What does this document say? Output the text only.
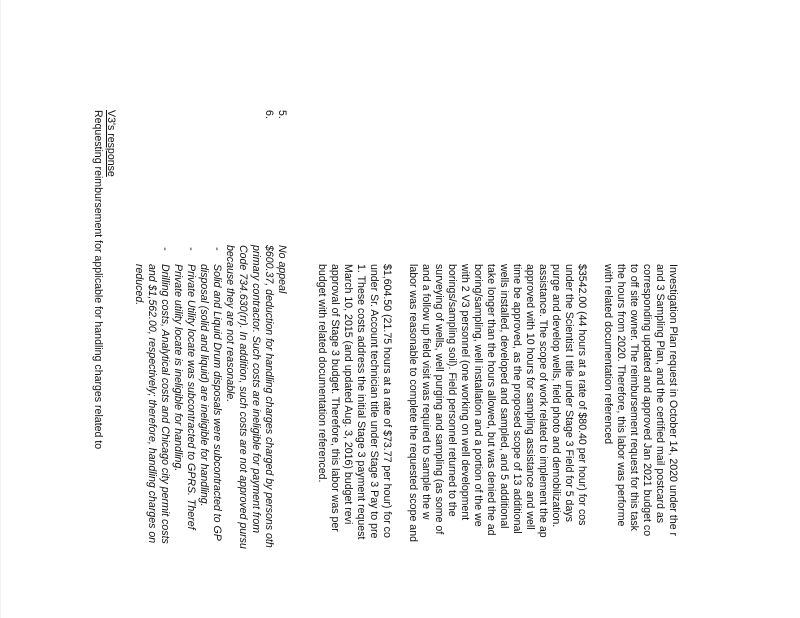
Investigation Plan request in October 14, 2020 under the r
and 3 Sampling Plan, and the certified mail postcard as
corresponding updated and approved Jan 2021 budget co
to off site owner. The reimbursement request for this task
the hours from 2020. Therefore, this labor was performe
with related documentation referenced
$3542.00 (44 hours at a rate of $80.40 per hour) for cos
under the Scientist I title under Stage 3 Field for 5 days
purge and develop wells, field photo and demobilization.
assistance. The scope of work related to implement the ap
approved with 10 hours for sampling assistance and well
time be approved, as the proposed scope of 13 additional
wells installed, developed and sampled, and 5 additional
take longer than the hours allowed, but was denied the ad
boring/sampling, well installation and a portion of the we
with 2 V3 personnel (one working on well development
borings/sampling soil). Field personnel returned to the
surveying of wells, well purging and sampling (as some of
and a follow up field visit was required to sample the w
labor was reasonable to complete the requested scope and
$1,604.50 (21.75 hours at a rate of $73.77 per hour) for co
under Sr. Account technician title under Stage 3 Pay to pre
1. These costs address the initial Stage 3 payment request
March 10, 2015 (and updated Aug. 3, 2016) budget revi
approval of Stage 3 budget. Therefore, this labor was per
budget with related documentation referenced.
5.
No appeal
6.
$600.37, deduction for handling charges charged by persons oth
primary contractor. Such costs are ineligible for payment from
Code 734.630(rr). In addition, such costs are not approved pursu
because they are not reasonable.
-
Solid and Liquid Drum disposals were subcontracted to GP
disposal (solid and liquid) are ineligible for handling.
-
Private Utility locate was subcontracted to GPRS. Theref
Private utility locate is ineligible for handling.
-
Drilling costs, Analytical costs and Chicago city permit costs
and $1,562.00, respectively; therefore, handling charges on
reduced.
V3's response
Requesting reimbursement for applicable for handling charges related to
